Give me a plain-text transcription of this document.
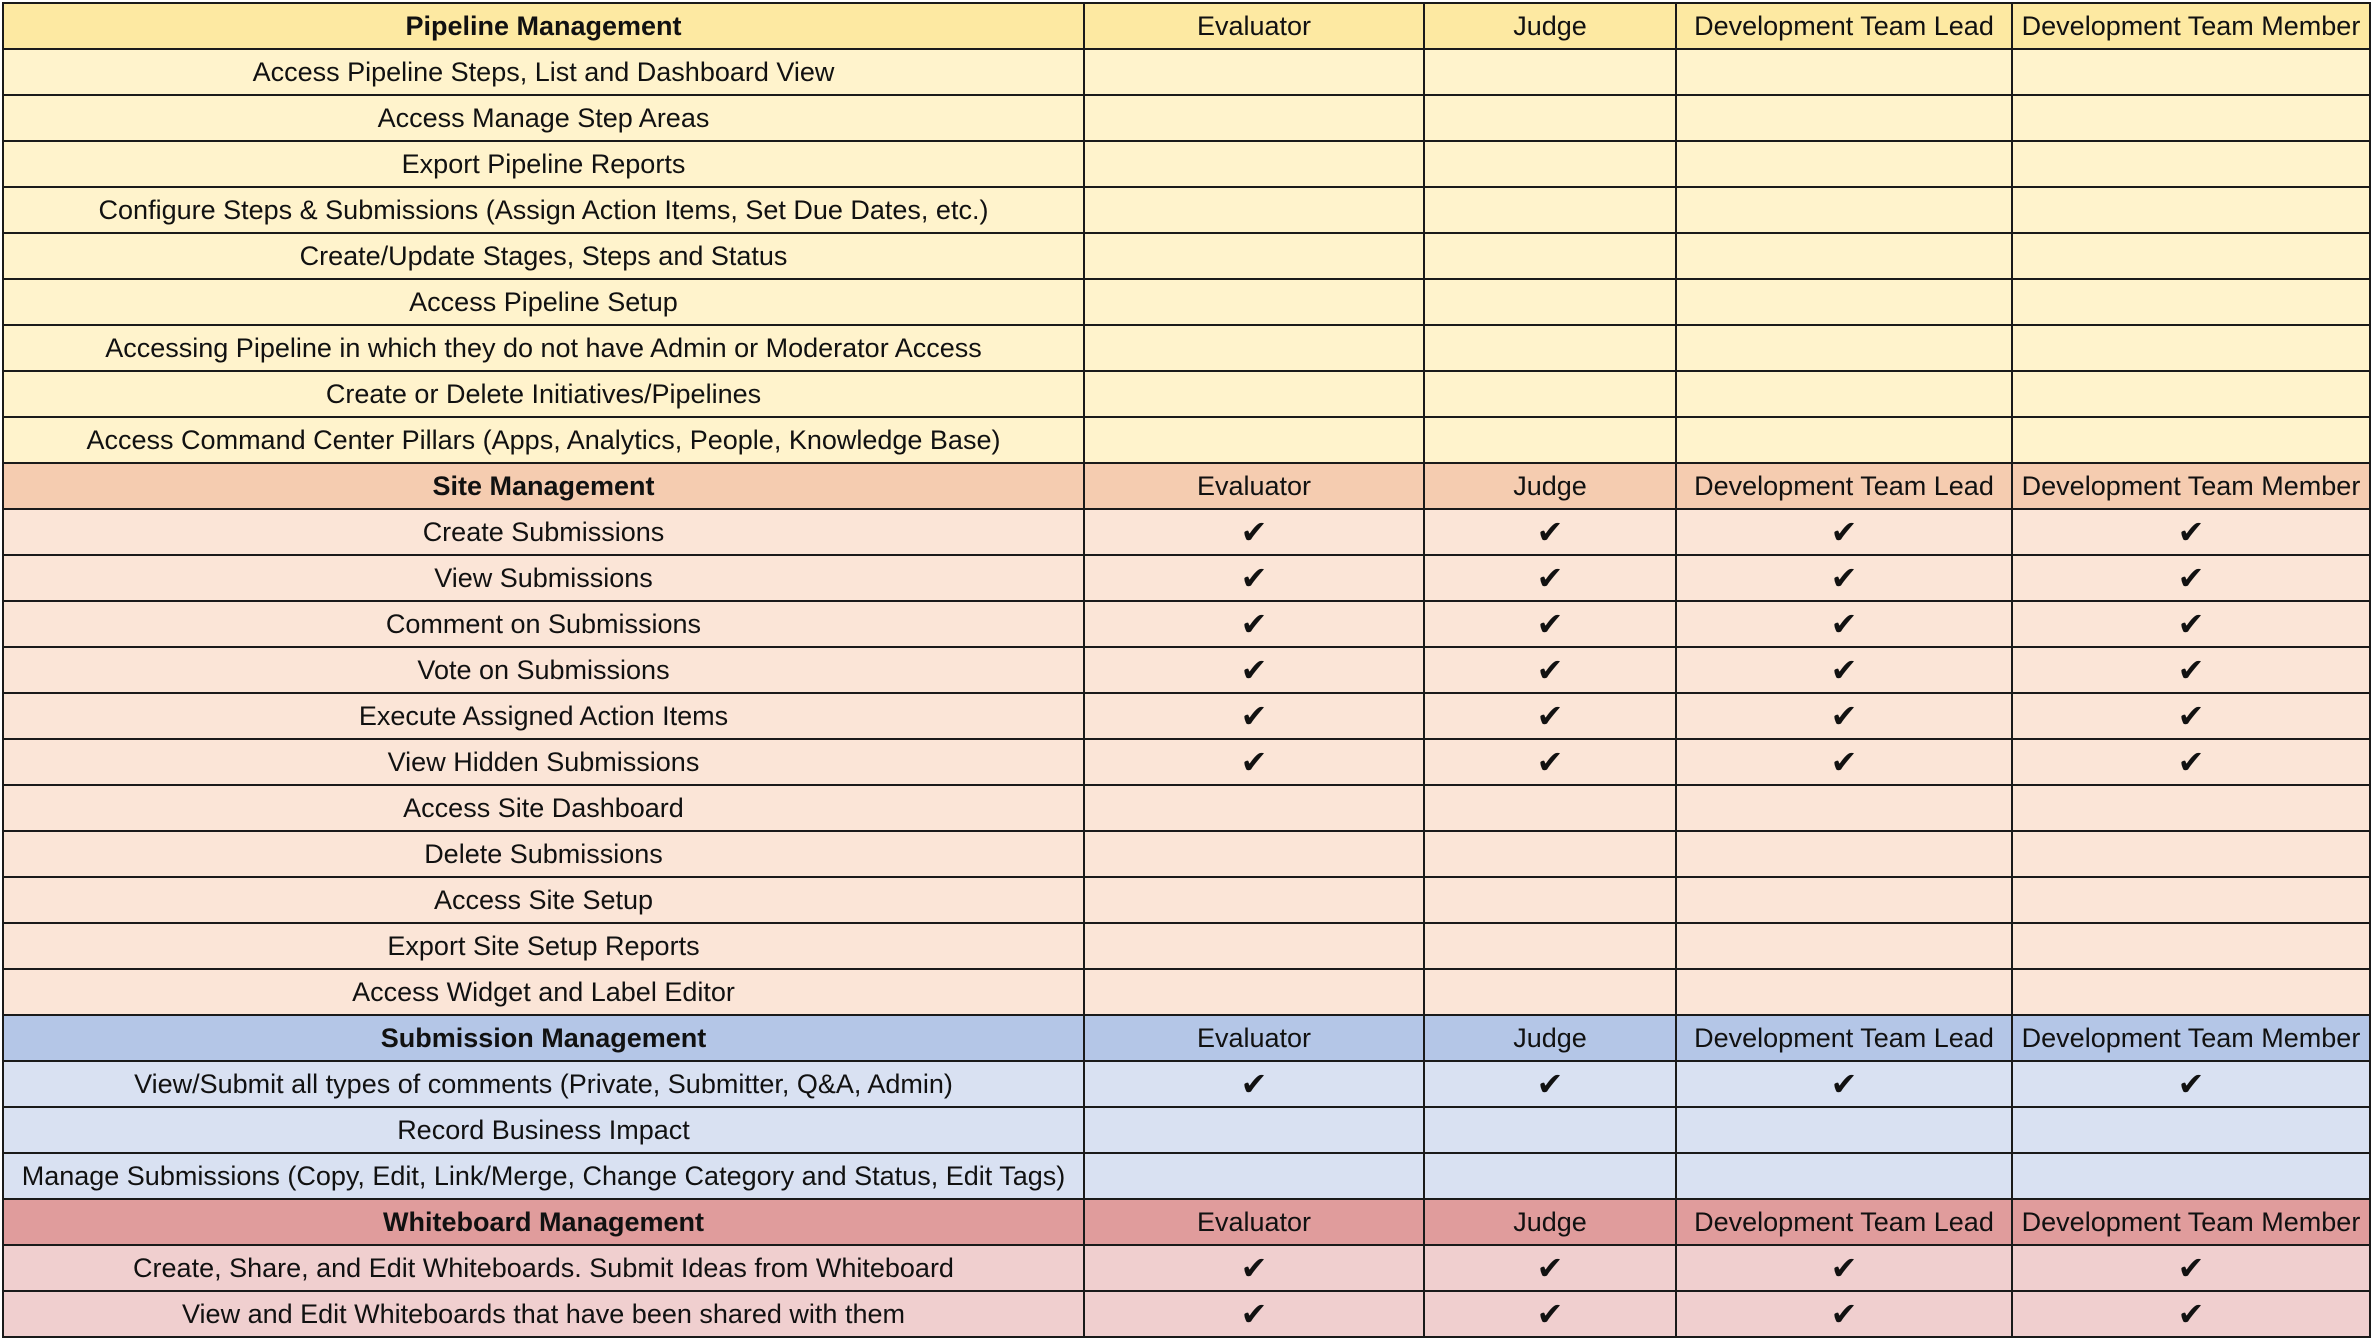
Pipeline Management	Evaluator	Judge	Development Team Lead	Development Team Member
Access Pipeline Steps, List and Dashboard View				
Access Manage Step Areas				
Export Pipeline Reports				
Configure Steps & Submissions (Assign Action Items, Set Due Dates, etc.)				
Create/Update Stages, Steps and Status				
Access Pipeline Setup				
Accessing Pipeline in which they do not have Admin or Moderator Access				
Create or Delete Initiatives/Pipelines				
Access Command Center Pillars (Apps, Analytics, People, Knowledge Base)				
Site Management	Evaluator	Judge	Development Team Lead	Development Team Member
Create Submissions	✔	✔	✔	✔
View Submissions	✔	✔	✔	✔
Comment on Submissions	✔	✔	✔	✔
Vote on Submissions	✔	✔	✔	✔
Execute Assigned Action Items	✔	✔	✔	✔
View Hidden Submissions	✔	✔	✔	✔
Access Site Dashboard				
Delete Submissions				
Access Site Setup				
Export Site Setup Reports				
Access Widget and Label Editor				
Submission Management	Evaluator	Judge	Development Team Lead	Development Team Member
View/Submit all types of comments (Private, Submitter, Q&A, Admin)	✔	✔	✔	✔
Record Business Impact				
Manage Submissions (Copy, Edit, Link/Merge, Change Category and Status, Edit Tags)				
Whiteboard Management	Evaluator	Judge	Development Team Lead	Development Team Member
Create, Share, and Edit Whiteboards. Submit Ideas from Whiteboard	✔	✔	✔	✔
View and Edit Whiteboards that have been shared with them	✔	✔	✔	✔
